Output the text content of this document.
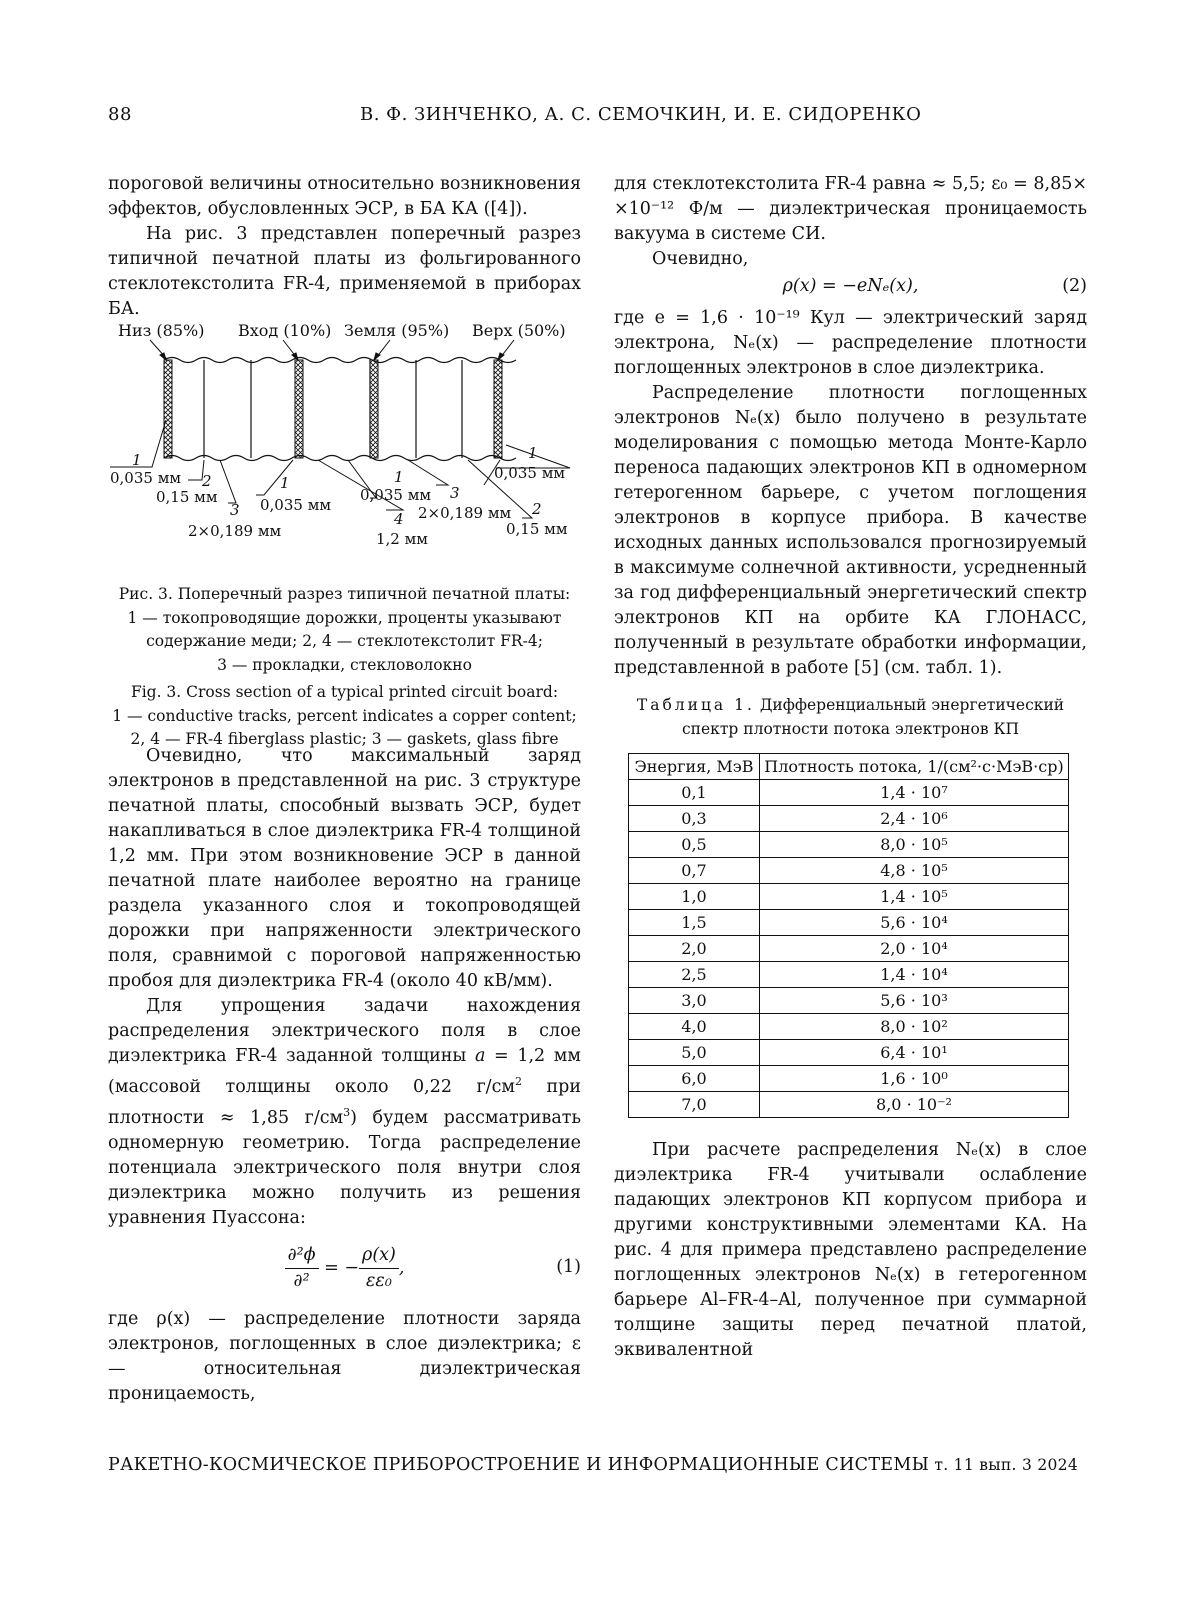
88	В. Ф. ЗИНЧЕНКО, А. С. СЕМОЧКИН, И. Е. СИДОРЕНКО

пороговой величины относительно возникновения эффектов, обусловленных ЭСР, в БА КА ([4]).

На рис. 3 представлен поперечный разрез типичной печатной платы из фольгированного стеклотекстолита FR-4, применяемой в приборах БА.

Низ (85%) Вход (10%) Земля (95%) Верх (50%)
1
0,035 мм 2
0,15 мм
3
2×0,189 мм
1
0,035 мм
4
1,2 мм
1
0,035 мм 3
2×0,189 мм
1
0,035 мм
2
0,15 мм

Рис. 3. Поперечный разрез типичной печатной платы:

1 — токопроводящие дорожки, проценты указывают

содержание меди; 2, 4 — стеклотекстолит FR-4;

3 — прокладки, стекловолокно

Fig. 3. Cross section of a typical printed circuit board:

1 — conductive tracks, percent indicates a copper content;

2, 4 — FR-4 fiberglass plastic; 3 — gaskets, glass fibre

Очевидно, что максимальный заряд электронов в представленной на рис. 3 структуре печатной платы, способный вызвать ЭСР, будет накапливаться в слое диэлектрика FR-4 толщиной 1,2 мм. При этом возникновение ЭСР в данной печатной плате наиболее вероятно на границе раздела указанного слоя и токопроводящей дорожки при напряженности электрического поля, сравнимой с пороговой напряженностью пробоя для диэлектрика FR-4 (около 40 кВ/мм).

Для упрощения задачи нахождения распределения электрического поля в слое диэлектрика FR-4 заданной толщины a = 1,2 мм (массовой толщины около 0,22 $г/см^2$ при плотности ≈ 1,85 $г/см^3$) будем рассматривать одномерную геометрию. Тогда распределение потенциала электрического поля внутри слоя диэлектрика можно получить из решения уравнения Пуассона:

$\frac{\text{∂²ϕ}}{\text{∂²}}$ = − $\frac{\rho(x)}{\text{εε₀}}$ ,	(1)

где ρ(x) — распределение плотности заряда электронов, поглощенных в слое диэлектрика; ε — относительная диэлектрическая проницаемость,

для стеклотекстолита FR-4 равна ≈ 5,5; ε₀ = 8,85× ×10⁻¹² Ф/м — диэлектрическая проницаемость вакуума в системе СИ.

Очевидно,

ρ(x) = −eNₑ(x),	(2)

где e = 1,6 · 10⁻¹⁹ Кул — электрический заряд электрона, Nₑ(x) — распределение плотности поглощенных электронов в слое диэлектрика.

Распределение плотности поглощенных электронов Nₑ(x) было получено в результате моделирования с помощью метода Монте-Карло переноса падающих электронов КП в одномерном гетерогенном барьере, с учетом поглощения электронов в корпусе прибора. В качестве исходных данных использовался прогнозируемый в максимуме солнечной активности, усредненный за год дифференциальный энергетический спектр электронов КП на орбите КА ГЛОНАСС, полученный в результате обработки информации, представленной в работе [5] (см. табл. 1).

Таблица 1. Дифференциальный энергетический
спектр плотности потока электронов КП
Энергия, МэВ	Плотность потока, 1/(см²·с·МэВ·ср)
0,1	1,4 · 10⁷
0,3	2,4 · 10⁶
0,5	8,0 · 10⁵
0,7	4,8 · 10⁵
1,0	1,4 · 10⁵
1,5	5,6 · 10⁴
2,0	2,0 · 10⁴
2,5	1,4 · 10⁴
3,0	5,6 · 10³
4,0	8,0 · 10²
5,0	6,4 · 10¹
6,0	1,6 · 10⁰
7,0	8,0 · 10⁻²

При расчете распределения Nₑ(x) в слое диэлектрика FR-4 учитывали ослабление падающих электронов КП корпусом прибора и другими конструктивными элементами КА. На рис. 4 для примера представлено распределение поглощенных электронов Nₑ(x) в гетерогенном барьере Al–FR-4–Al, полученное при суммарной толщине защиты перед печатной платой, эквивалентной

РАКЕТНО-КОСМИЧЕСКОЕ ПРИБОРОСТРОЕНИЕ И ИНФОРМАЦИОННЫЕ СИСТЕМЫ т. 11 вып. 3 2024
